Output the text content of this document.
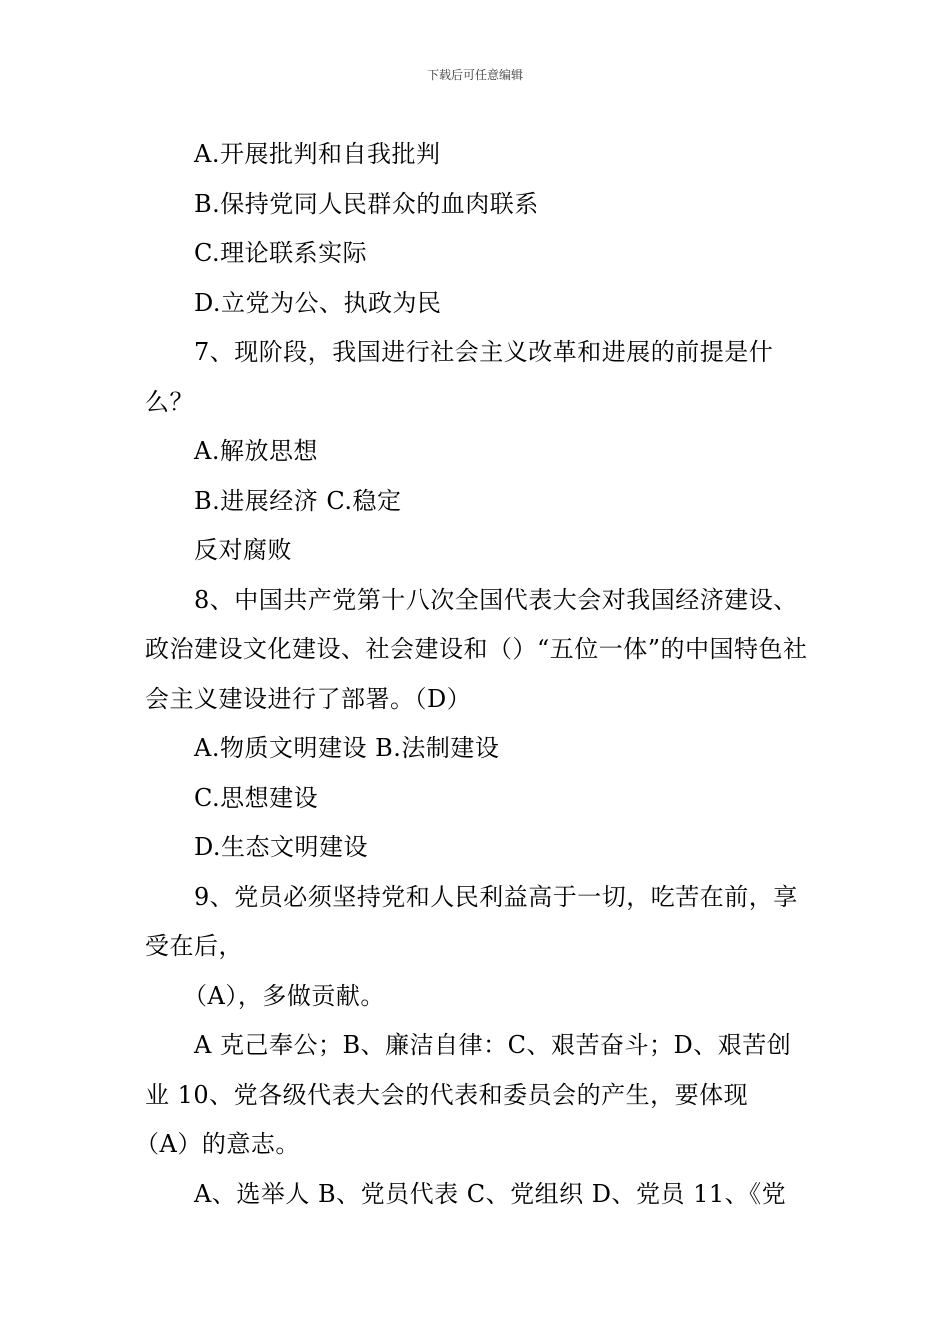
下载后可任意编辑

A.开展批判和自我批判

B.保持党同人民群众的血肉联系

C.理论联系实际

D.立党为公、执政为民

7、现阶段，我国进行社会主义改革和进展的前提是什么？

A.解放思想

B.进展经济 C.稳定

反对腐败

8、中国共产党第十八次全国代表大会对我国经济建设、政治建设文化建设、社会建设和（）“五位一体”的中国特色社会主义建设进行了部署。（D）

A.物质文明建设 B.法制建设

C.思想建设

D.生态文明建设

9、党员必须坚持党和人民利益高于一切，吃苦在前，享受在后，

（A），多做贡献。

A 克己奉公；B、廉洁自律：C、艰苦奋斗；D、艰苦创业 10、党各级代表大会的代表和委员会的产生，要体现

（A）的意志。

A、选举人 B、党员代表 C、党组织 D、党员 11、《党
